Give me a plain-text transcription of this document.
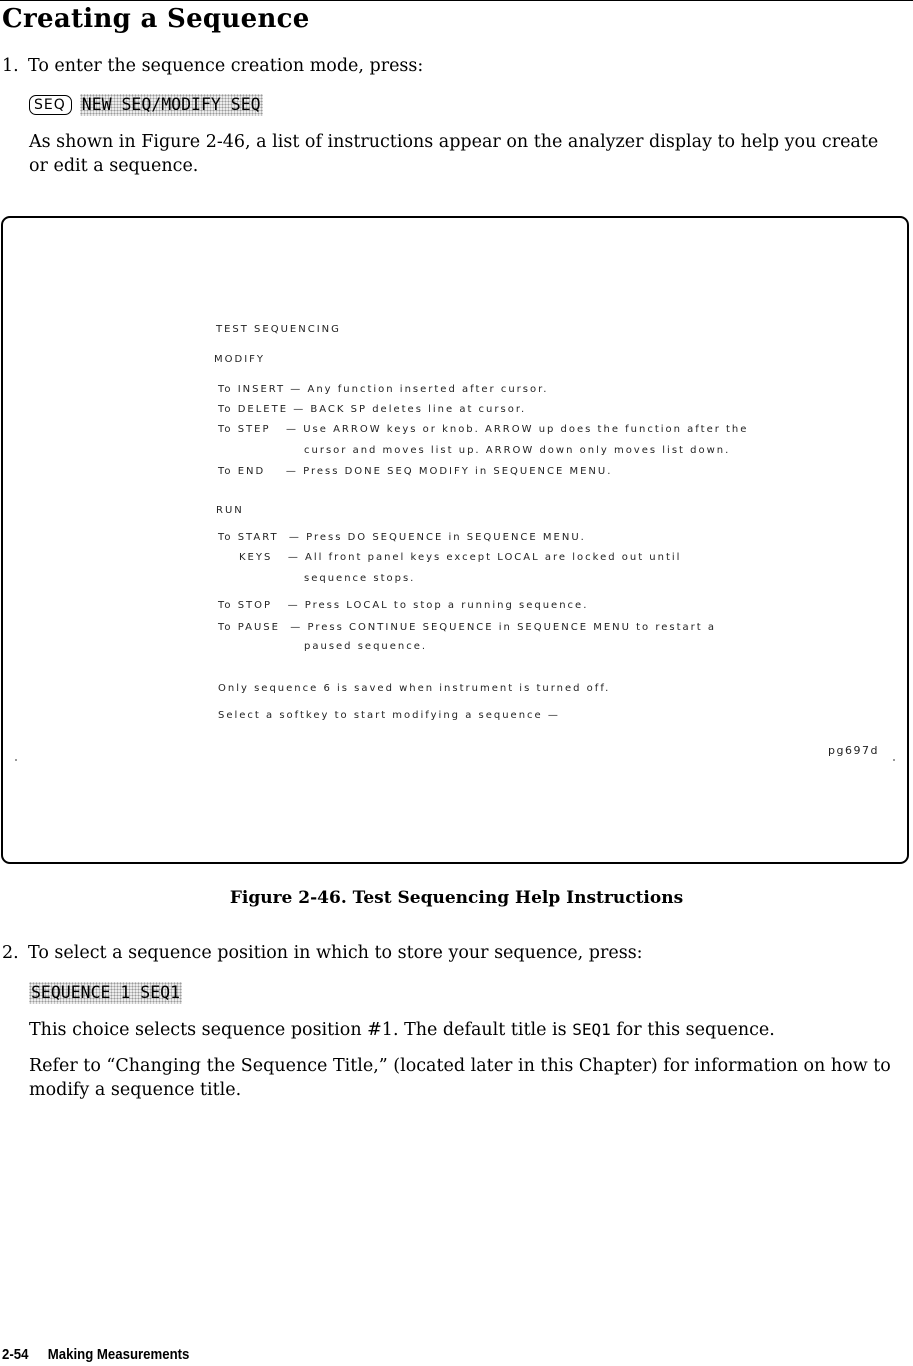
Creating a Sequence
1. To enter the sequence creation mode, press:
SEQ NEW SEQ/MODIFY SEQ
As shown in Figure 2-46, a list of instructions appear on the analyzer display to help you create or edit a sequence.
TEST SEQUENCING
MODIFY
To INSERT — Any function inserted after cursor.
To DELETE — BACK SP deletes line at cursor.
To STEP   — Use ARROW keys or knob. ARROW up does the function after the
cursor and moves list up. ARROW down only moves list down.
To END    — Press DONE SEQ MODIFY in SEQUENCE MENU.
RUN
To START  — Press DO SEQUENCE in SEQUENCE MENU.
KEYS   — All front panel keys except LOCAL are locked out until
sequence stops.
To STOP   — Press LOCAL to stop a running sequence.
To PAUSE  — Press CONTINUE SEQUENCE in SEQUENCE MENU to restart a
paused sequence.
Only sequence 6 is saved when instrument is turned off.
Select a softkey to start modifying a sequence —
pg697d
Figure 2-46. Test Sequencing Help Instructions
2. To select a sequence position in which to store your sequence, press:
SEQUENCE 1 SEQ1
This choice selects sequence position #1. The default title is SEQ1 for this sequence.
Refer to “Changing the Sequence Title,” (located later in this Chapter) for information on how to modify a sequence title.
2-54 Making Measurements
